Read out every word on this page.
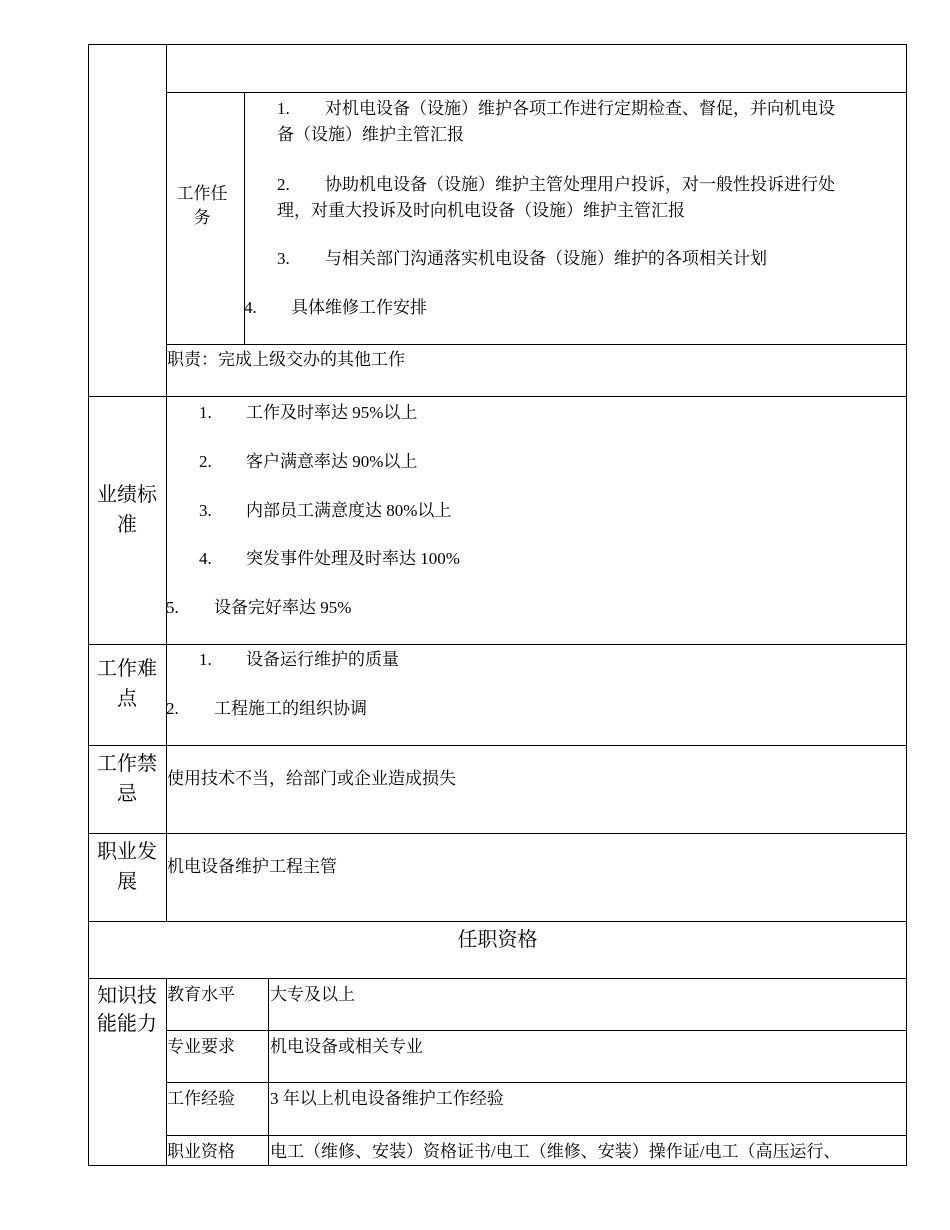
工作任务
1. 对机电设备（设施）维护各项工作进行定期检查、督促，并向机电设
备（设施）维护主管汇报
2. 协助机电设备（设施）维护主管处理用户投诉，对一般性投诉进行处
理，对重大投诉及时向机电设备（设施）维护主管汇报
3. 与相关部门沟通落实机电设备（设施）维护的各项相关计划
4. 具体维修工作安排
职责：完成上级交办的其他工作
业绩标准
1. 工作及时率达 95%以上
2. 客户满意率达 90%以上
3. 内部员工满意度达 80%以上
4. 突发事件处理及时率达 100%
5. 设备完好率达 95%
工作难点
1. 设备运行维护的质量
2. 工程施工的组织协调
工作禁忌
使用技术不当，给部门或企业造成损失
职业发展
机电设备维护工程主管
任职资格
知识技能能力
教育水平 大专及以上
专业要求 机电设备或相关专业
工作经验 3 年以上机电设备维护工作经验
职业资格 电工（维修、安装）资格证书/电工（维修、安装）操作证/电工（高压运行、
